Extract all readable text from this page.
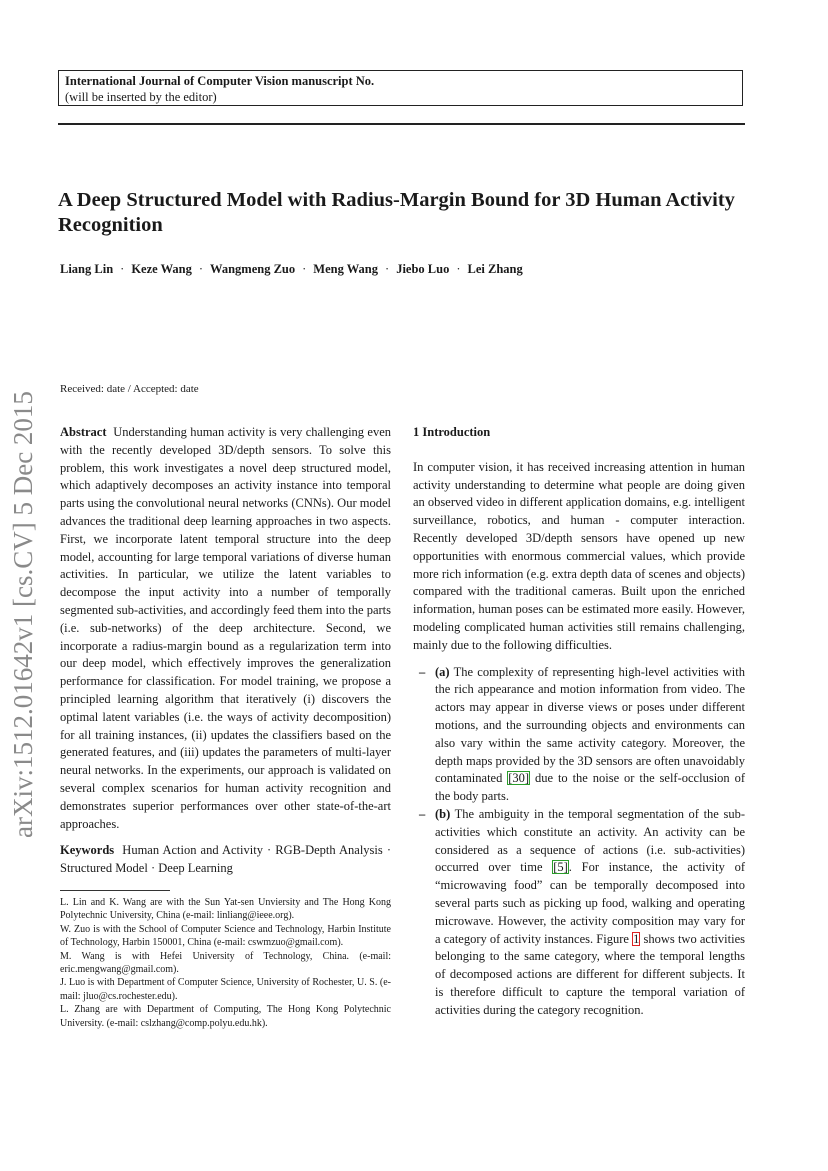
International Journal of Computer Vision manuscript No.
(will be inserted by the editor)
A Deep Structured Model with Radius-Margin Bound for 3D Human Activity Recognition
Liang Lin · Keze Wang · Wangmeng Zuo · Meng Wang · Jiebo Luo · Lei Zhang
arXiv:1512.01642v1 [cs.CV] 5 Dec 2015
Received: date / Accepted: date
Abstract Understanding human activity is very challenging even with the recently developed 3D/depth sensors. To solve this problem, this work investigates a novel deep structured model, which adaptively decomposes an activity instance into temporal parts using the convolutional neural networks (CNNs). Our model advances the traditional deep learning approaches in two aspects. First, we incorporate latent temporal structure into the deep model, accounting for large temporal variations of diverse human activities. In particular, we utilize the latent variables to decompose the input activity into a number of temporally segmented sub-activities, and accordingly feed them into the parts (i.e. sub-networks) of the deep architecture. Second, we incorporate a radius-margin bound as a regularization term into our deep model, which effectively improves the generalization performance for classification. For model training, we propose a principled learning algorithm that iteratively (i) discovers the optimal latent variables (i.e. the ways of activity decomposition) for all training instances, (ii) updates the classifiers based on the generated features, and (iii) updates the parameters of multi-layer neural networks. In the experiments, our approach is validated on several complex scenarios for human activity recognition and demonstrates superior performances over other state-of-the-art approaches.
Keywords Human Action and Activity · RGB-Depth Analysis · Structured Model · Deep Learning
L. Lin and K. Wang are with the Sun Yat-sen Unviersity and The Hong Kong Polytechnic University, China (e-mail: linliang@ieee.org).
W. Zuo is with the School of Computer Science and Technology, Harbin Institute of Technology, Harbin 150001, China (e-mail: cswmzuo@gmail.com).
M. Wang is with Hefei University of Technology, China. (e-mail: eric.mengwang@gmail.com).
J. Luo is with Department of Computer Science, University of Rochester, U. S. (e-mail: jluo@cs.rochester.edu).
L. Zhang are with Department of Computing, The Hong Kong Polytechnic University. (e-mail: cslzhang@comp.polyu.edu.hk).
1 Introduction
In computer vision, it has received increasing attention in human activity understanding to determine what people are doing given an observed video in different application domains, e.g. intelligent surveillance, robotics, and human - computer interaction. Recently developed 3D/depth sensors have opened up new opportunities with enormous commercial values, which provide more rich information (e.g. extra depth data of scenes and objects) compared with the traditional cameras. Built upon the enriched information, human poses can be estimated more easily. However, modeling complicated human activities still remains challenging, mainly due to the following difficulties.
– (a) The complexity of representing high-level activities with the rich appearance and motion information from video. The actors may appear in diverse views or poses under different motions, and the surrounding objects and environments can also vary within the same activity category. Moreover, the depth maps provided by the 3D sensors are often unavoidably contaminated [30] due to the noise or the self-occlusion of the body parts.
– (b) The ambiguity in the temporal segmentation of the sub-activities which constitute an activity. An activity can be considered as a sequence of actions (i.e. sub-activities) occurred over time [5]. For instance, the activity of “microwaving food” can be temporally decomposed into several parts such as picking up food, walking and operating microwave. However, the activity composition may vary for a category of activity instances. Figure 1 shows two activities belonging to the same category, where the temporal lengths of decomposed actions are different for different subjects. It is therefore difficult to capture the temporal variation of activities during the category recognition.
